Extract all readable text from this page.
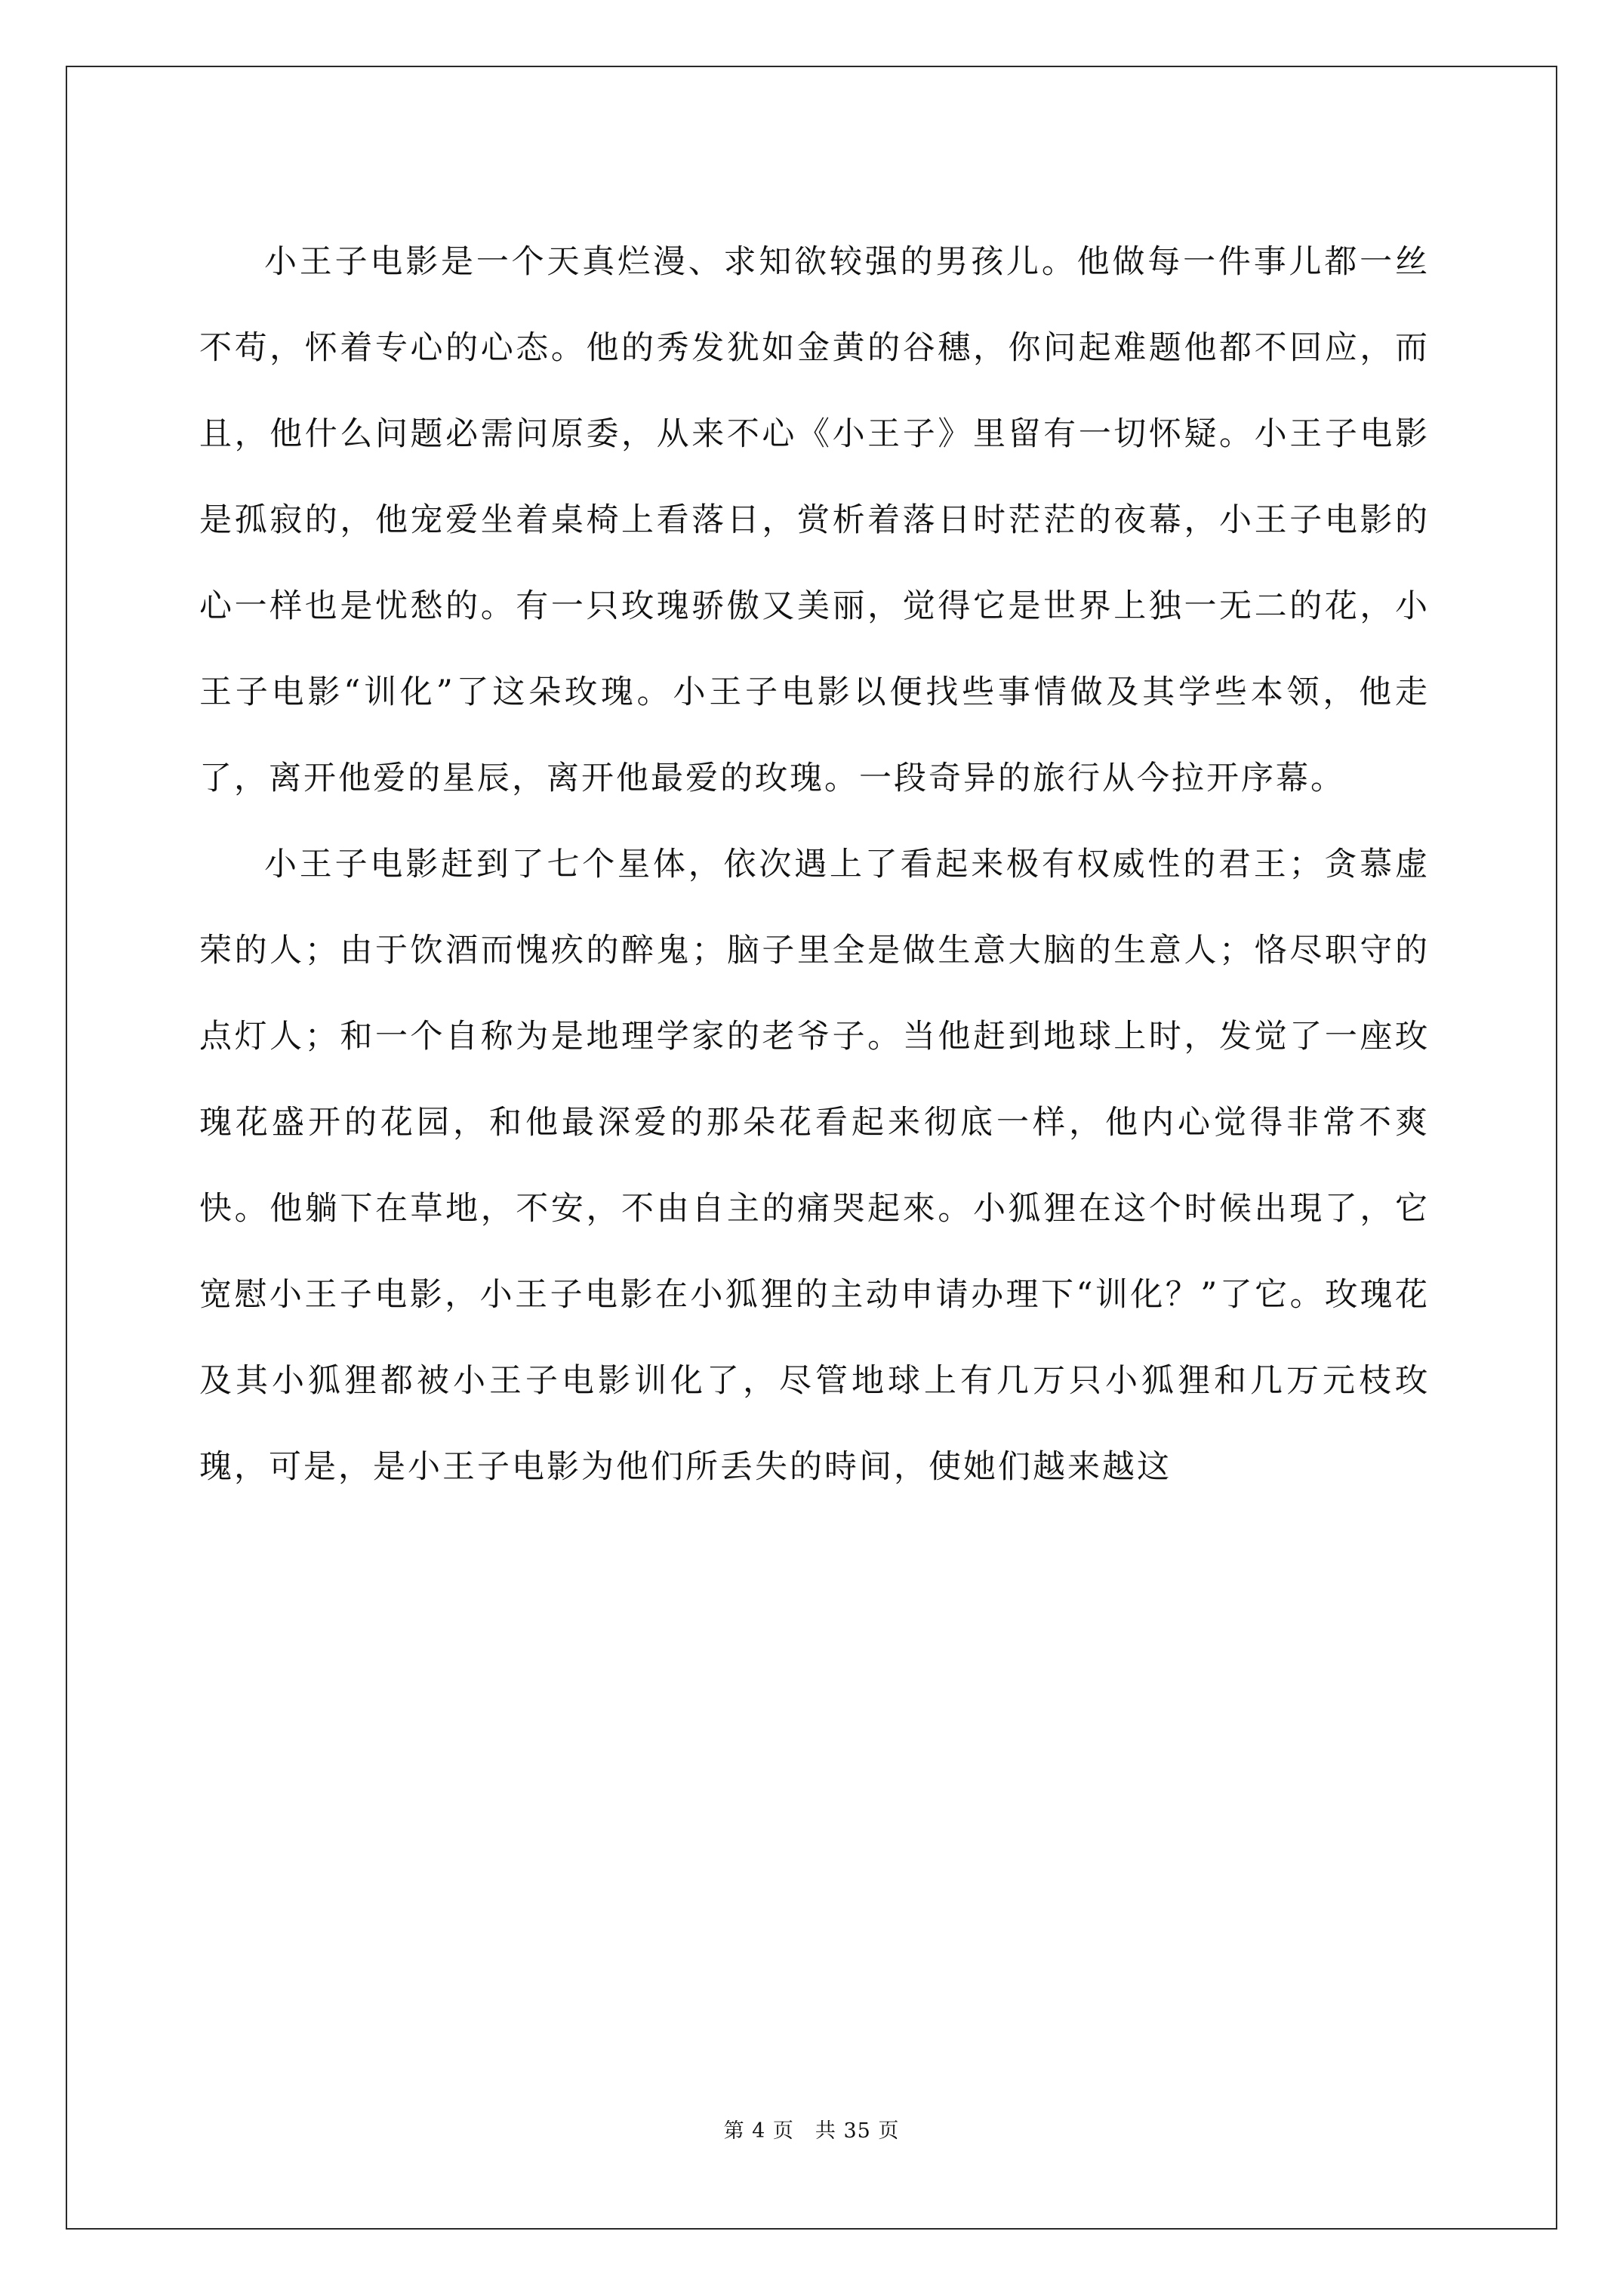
小王子电影是一个天真烂漫、求知欲较强的男孩儿。他做每一件事儿都一丝不苟，怀着专心的心态。他的秀发犹如金黄的谷穗，你问起难题他都不回应，而且，他什么问题必需问原委，从来不心《小王子》里留有一切怀疑。小王子电影是孤寂的，他宠爱坐着桌椅上看落日，赏析着落日时茫茫的夜幕，小王子电影的心一样也是忧愁的。有一只玫瑰骄傲又美丽，觉得它是世界上独一无二的花，小王子电影“训化”了这朵玫瑰。小王子电影以便找些事情做及其学些本领，他走了，离开他爱的星辰，离开他最爱的玫瑰。一段奇异的旅行从今拉开序幕。

小王子电影赶到了七个星体，依次遇上了看起来极有权威性的君王；贪慕虚荣的人；由于饮酒而愧疚的醉鬼；脑子里全是做生意大脑的生意人；恪尽职守的点灯人；和一个自称为是地理学家的老爷子。当他赶到地球上时，发觉了一座玫瑰花盛开的花园，和他最深爱的那朵花看起来彻底一样，他内心觉得非常不爽快。他躺下在草地，不安，不由自主的痛哭起來。小狐狸在这个时候出現了，它宽慰小王子电影，小王子电影在小狐狸的主动申请办理下“训化？”了它。玫瑰花及其小狐狸都被小王子电影训化了，尽管地球上有几万只小狐狸和几万元枝玫瑰，可是，是小王子电影为他们所丢失的時间，使她们越来越这

第 4 页　共 35 页
